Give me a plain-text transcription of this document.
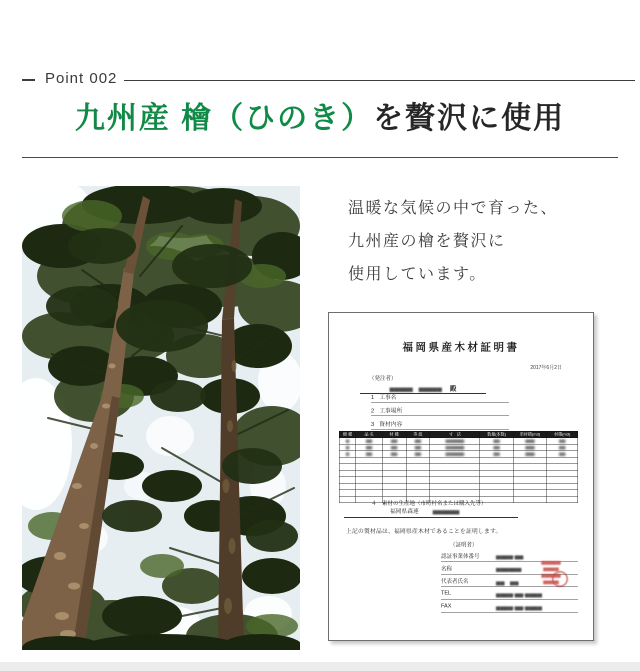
Point 002
九州産 檜（ひのき）を贅沢に使用

温暖な気候の中で育った、
九州産の檜を贅沢に
使用しています。

福岡県産木材証明書
2017年6月2日
（発注者）
▅▅▅▅▅　▅▅▅▅▅ 殿
1 工事名
2 工事場所
3 資材内容
樹 種	品 名	材 種	等 級	寸　法	数量(本数)	単材積(m3)	材積(m3)
▆	▆▆	▆▆	▆▆	▆▆▆▆▆▆	▆▆	▆▆▆	▆▆
▆	▆▆	▆▆	▆▆	▆▆▆▆▆▆	▆▆	▆▆▆	▆▆
▆	▆▆	▆▆	▆▆	▆▆▆▆▆▆	▆▆	▆▆▆	▆▆

４　素材の生産地（市町村名または購入先等）
福岡県森連 ▅▅▅▅▅▅
上記の製材品は、福岡県産木材であることを証明します。
（証明者）
認証事業体番号 ▅▅▅▅-▅▅
名称	▅▅▅▅▅▅
代表者氏名	▅▅　▅▅
TEL	▅▅▅▅-▅▅-▅▅▅▅
FAX	▅▅▅▅-▅▅-▅▅▅▅
▅▅▅▅▅
▅▅▅▅
▅▅▅▅▅
▅▅▅▅
